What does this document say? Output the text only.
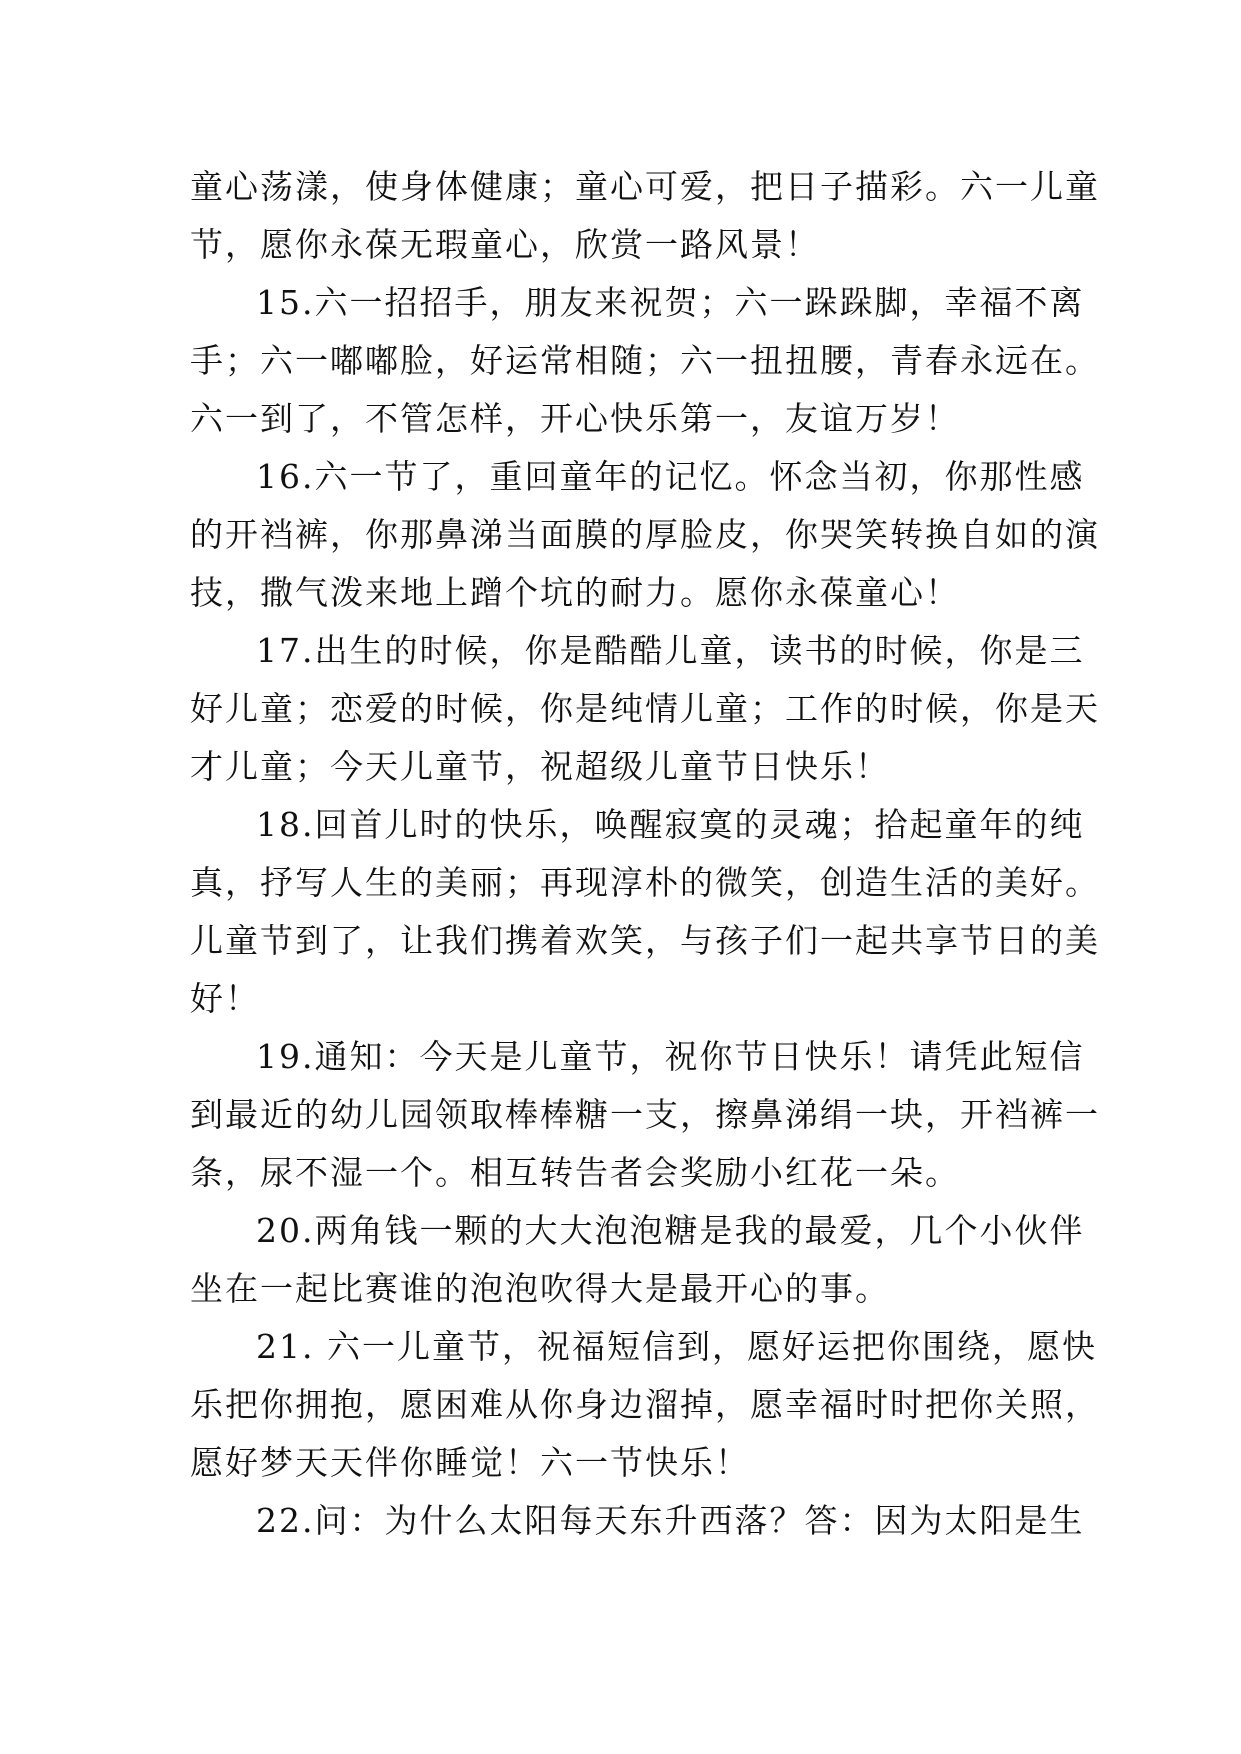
童心荡漾，使身体健康；童心可爱，把日子描彩。六一儿童
节，愿你永葆无瑕童心，欣赏一路风景！
15.六一招招手，朋友来祝贺；六一跺跺脚，幸福不离
手；六一嘟嘟脸，好运常相随；六一扭扭腰，青春永远在。
六一到了，不管怎样，开心快乐第一，友谊万岁！
16.六一节了，重回童年的记忆。怀念当初，你那性感
的开裆裤，你那鼻涕当面膜的厚脸皮，你哭笑转换自如的演
技，撒气泼来地上蹭个坑的耐力。愿你永葆童心！
17.出生的时候，你是酷酷儿童，读书的时候，你是三
好儿童；恋爱的时候，你是纯情儿童；工作的时候，你是天
才儿童；今天儿童节，祝超级儿童节日快乐！
18.回首儿时的快乐，唤醒寂寞的灵魂；拾起童年的纯
真，抒写人生的美丽；再现淳朴的微笑，创造生活的美好。
儿童节到了，让我们携着欢笑，与孩子们一起共享节日的美
好！
19.通知：今天是儿童节，祝你节日快乐！请凭此短信
到最近的幼儿园领取棒棒糖一支，擦鼻涕绢一块，开裆裤一
条，尿不湿一个。相互转告者会奖励小红花一朵。
20.两角钱一颗的大大泡泡糖是我的最爱，几个小伙伴
坐在一起比赛谁的泡泡吹得大是最开心的事。
21. 六一儿童节，祝福短信到，愿好运把你围绕，愿快
乐把你拥抱，愿困难从你身边溜掉，愿幸福时时把你关照，
愿好梦天天伴你睡觉！六一节快乐！
22.问：为什么太阳每天东升西落？答：因为太阳是生
